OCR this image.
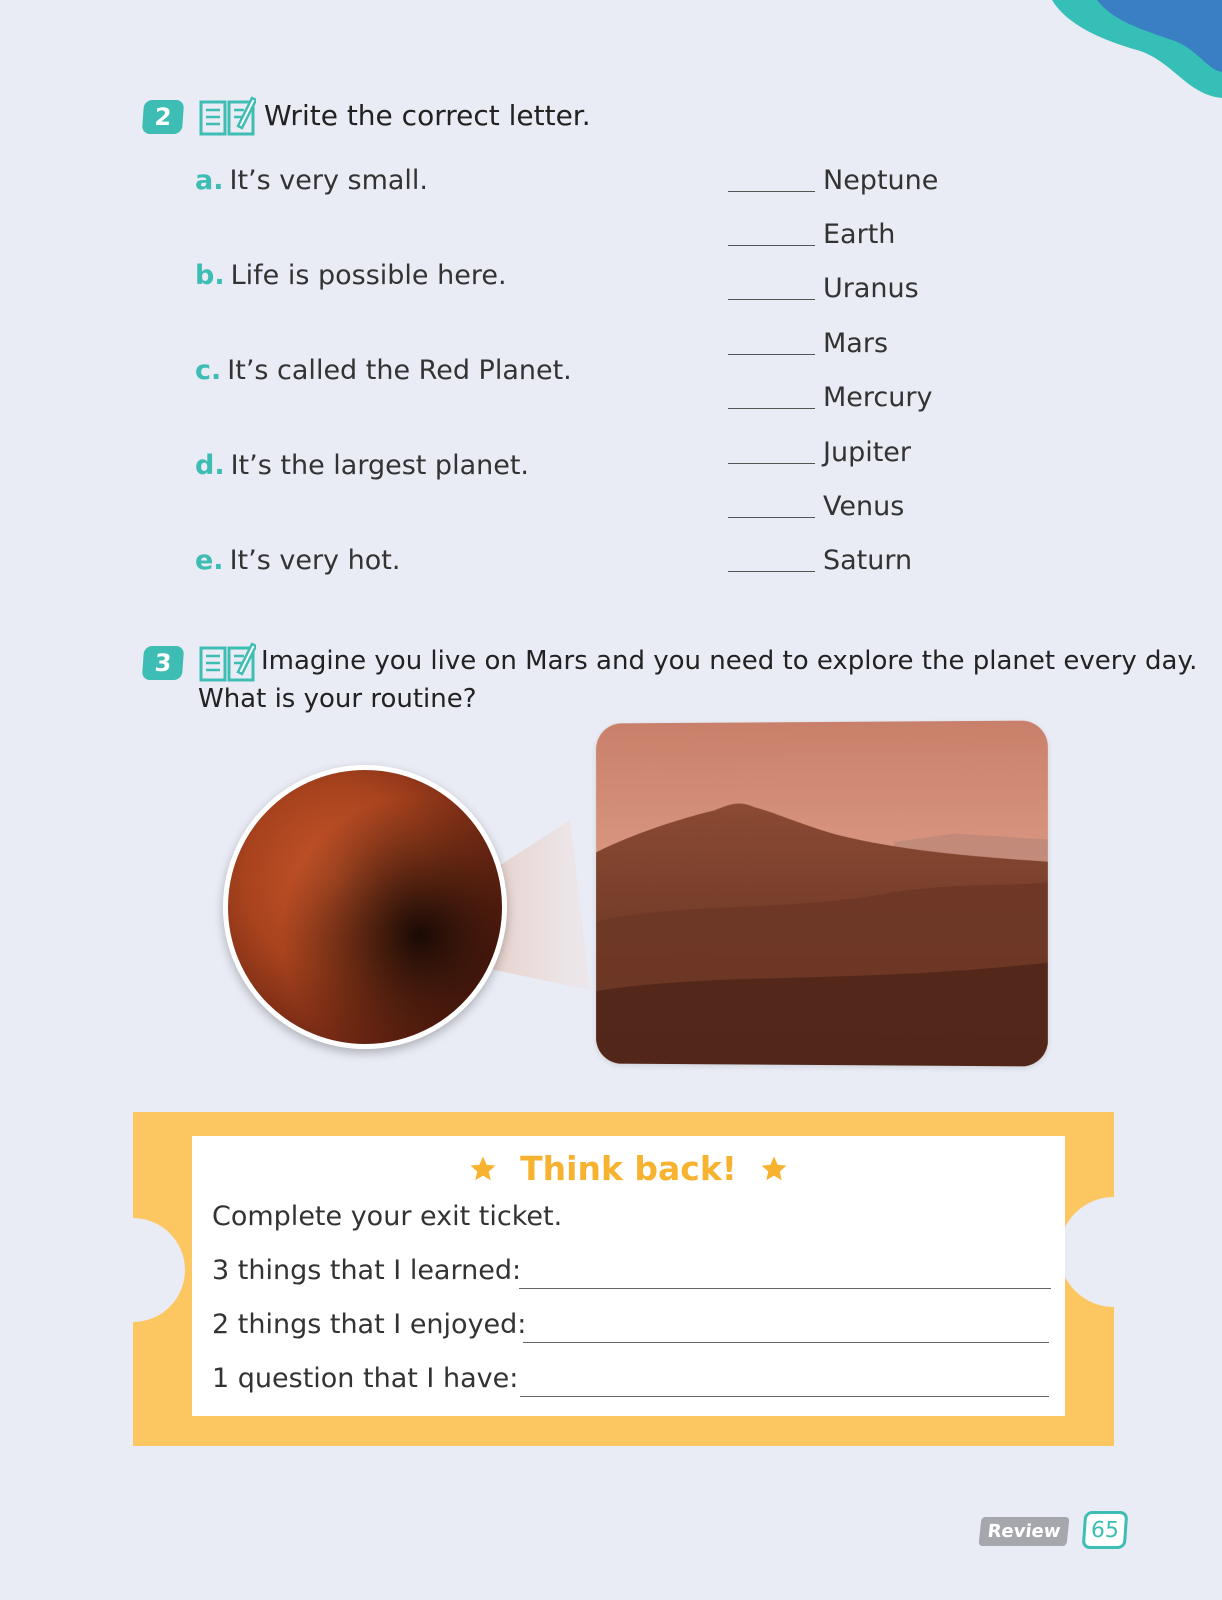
2	Write the correct letter.
a. It’s very small.
b. Life is possible here.
c. It’s called the Red Planet.
d. It’s the largest planet.
e. It’s very hot.
Neptune
Earth
Uranus
Mars
Mercury
Jupiter
Venus
Saturn
3	Imagine you live on Mars and you need to explore the planet every day.
What is your routine?
Think back!
Complete your exit ticket.
3 things that I learned:
2 things that I enjoyed:
1 question that I have:
Review	65
